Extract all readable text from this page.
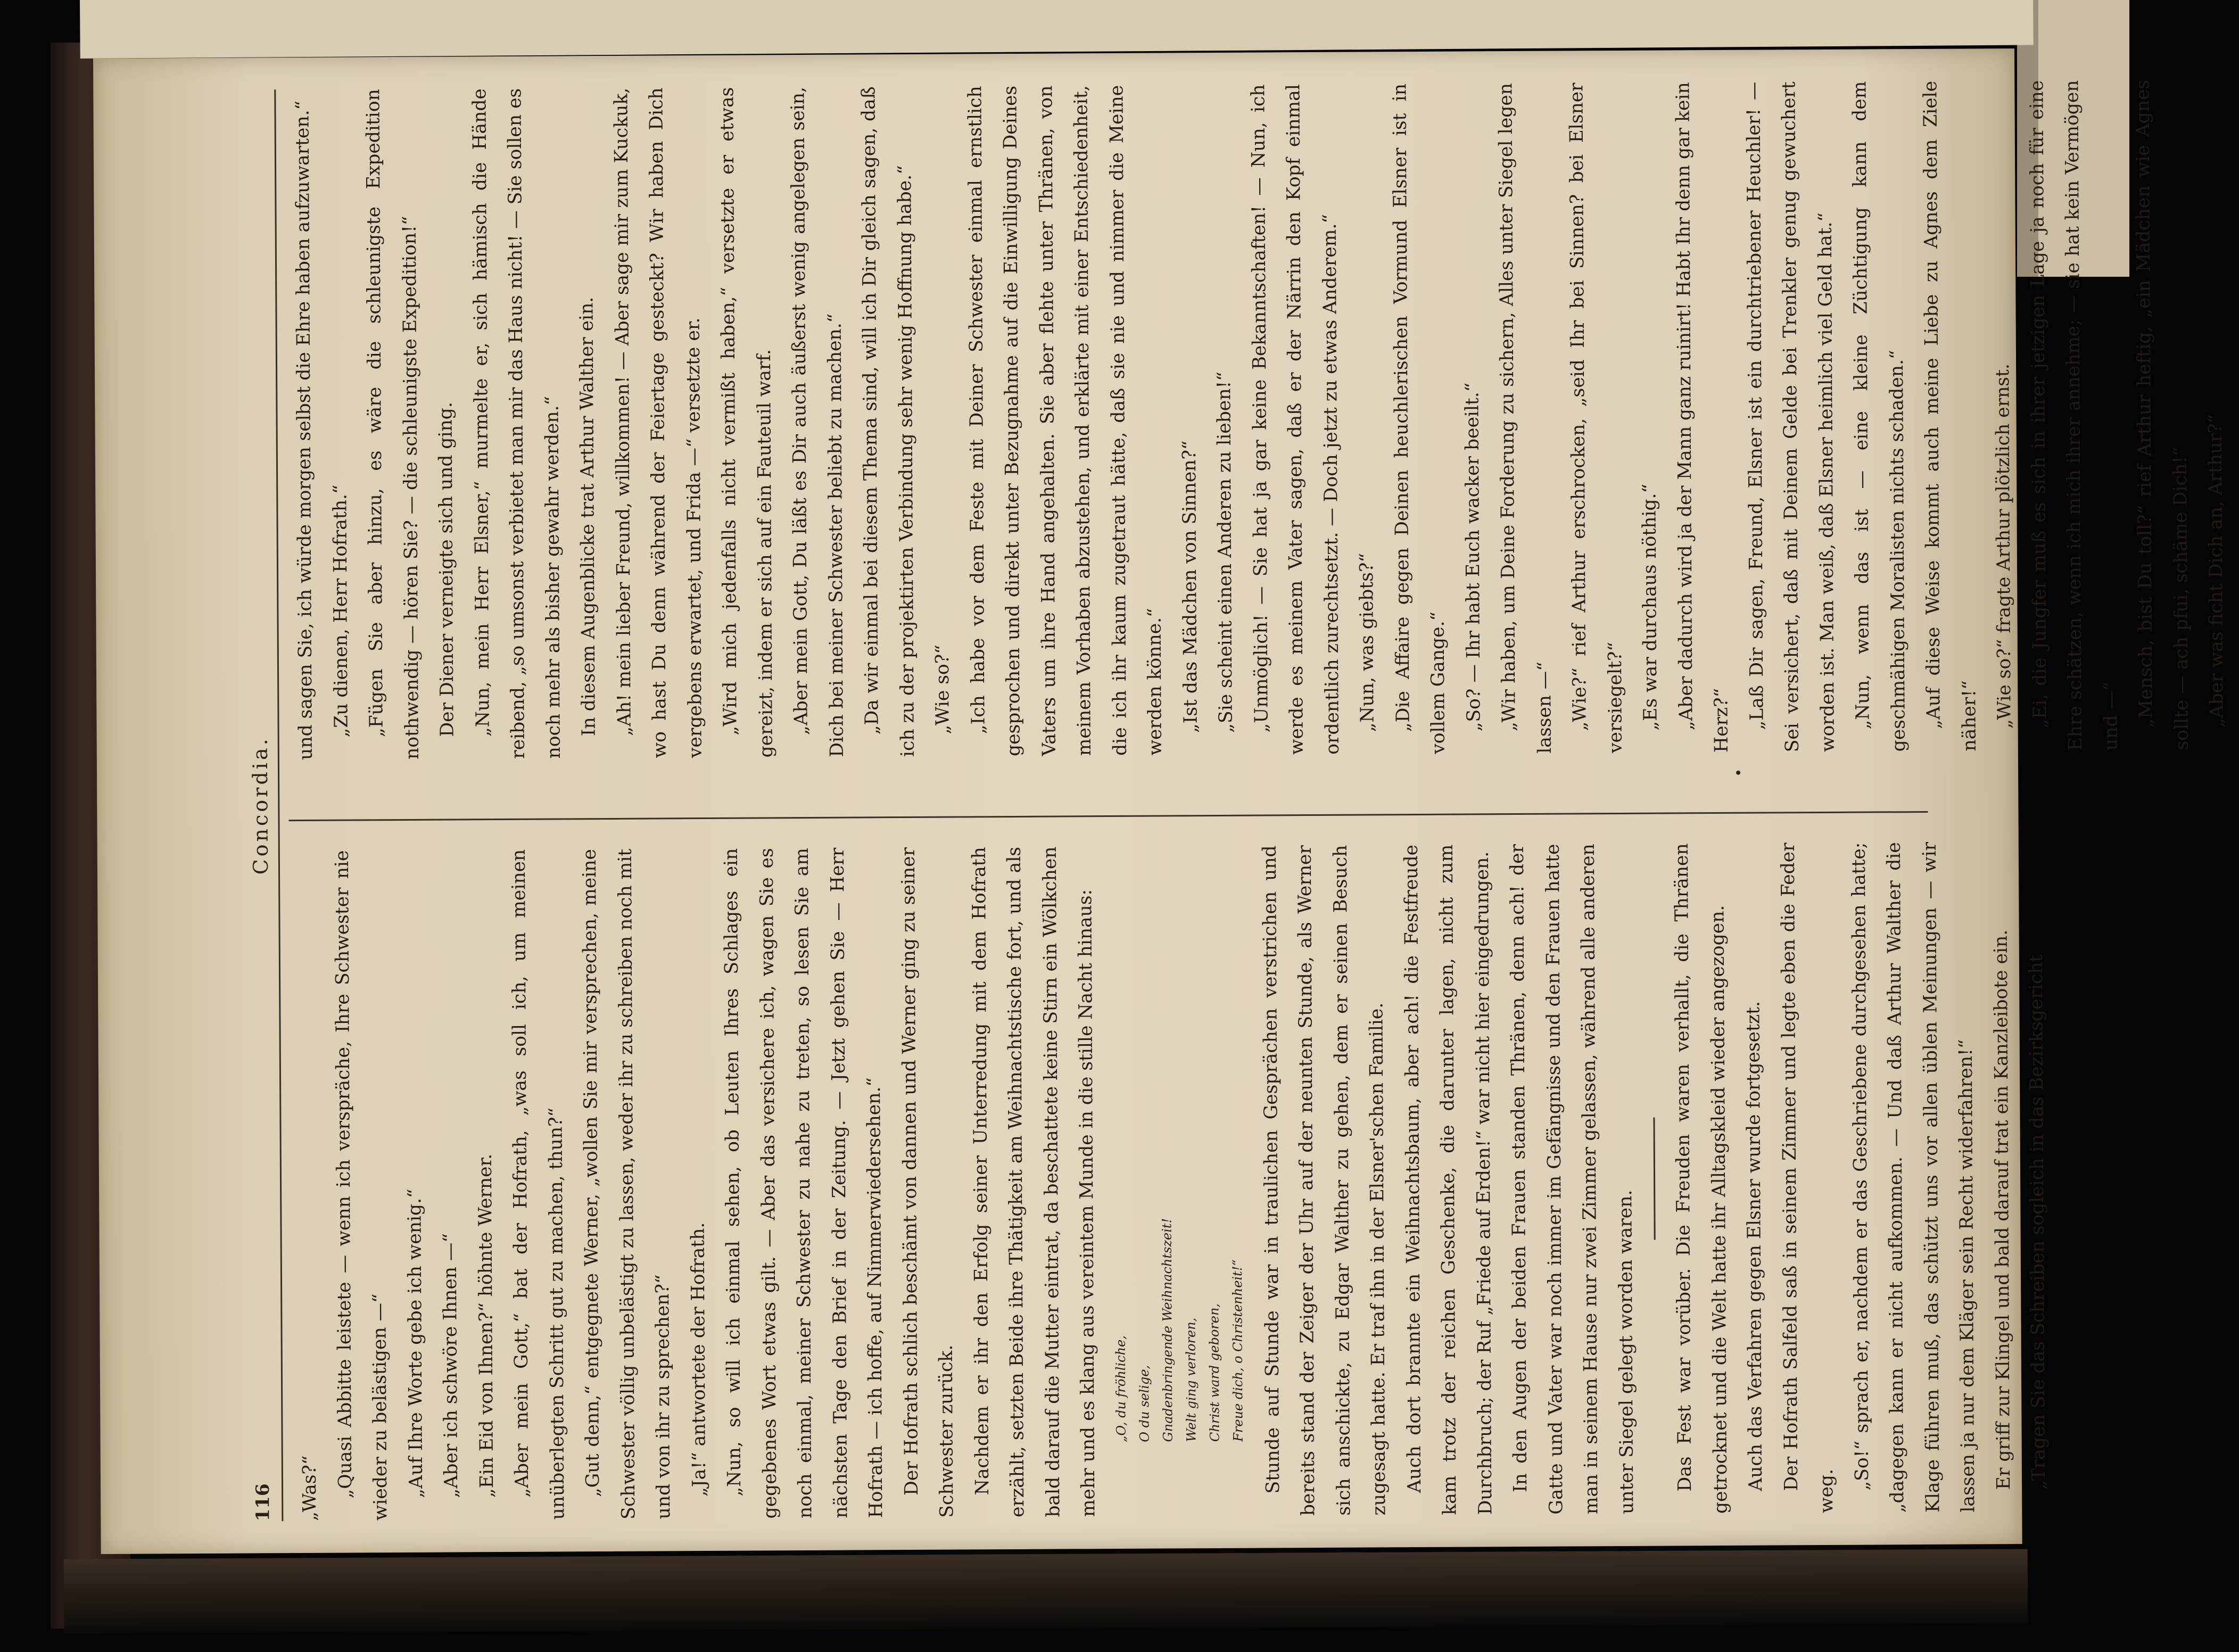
116
Concordia.

„Was?“ „Quasi Abbitte leistete — wenn ich verspräche, Ihre Schwester nie wieder zu belästigen —“ „Auf Ihre Worte gebe ich wenig.“ „Aber ich schwöre Ihnen —“ „Ein Eid von Ihnen?“ höhnte Werner. „Aber mein Gott,“ bat der Hofrath, „was soll ich, um meinen unüberlegten Schritt gut zu machen, thun?“ „Gut denn,“ entgegnete Werner, „wollen Sie mir versprechen, meine Schwester völlig unbelästigt zu lassen, weder ihr zu schreiben noch mit und von ihr zu sprechen?“ „Ja!“ antwortete der Hofrath. „Nun, so will ich einmal sehen, ob Leuten Ihres Schlages ein gegebenes Wort etwas gilt. — Aber das versichere ich, wagen Sie es noch einmal, meiner Schwester zu nahe zu treten, so lesen Sie am nächsten Tage den Brief in der Zeitung. — Jetzt gehen Sie — Herr Hofrath — ich hoffe, auf Nimmerwiedersehen.“ Der Hofrath schlich beschämt von dannen und Werner ging zu seiner Schwester zurück. Nachdem er ihr den Erfolg seiner Unterredung mit dem Hofrath erzählt, setzten Beide ihre Thätigkeit am Weihnachtstische fort, und als bald darauf die Mutter eintrat, da beschattete keine Stirn ein Wölkchen mehr und es klang aus vereintem Munde in die stille Nacht hinaus:	„O, du fröhliche, O du selige, Gnadenbringende Weihnachtszeit! Welt ging verloren, Christ ward geboren, Freue dich, o Christenheit!“ Stunde auf Stunde war in traulichen Gesprächen verstrichen und bereits stand der Zeiger der Uhr auf der neunten Stunde, als Werner sich anschickte, zu Edgar Walther zu gehen, dem er seinen Besuch zugesagt hatte. Er traf ihn in der Elsner'schen Familie. Auch dort brannte ein Weihnachtsbaum, aber ach! die Festfreude kam trotz der reichen Geschenke, die darunter lagen, nicht zum Durchbruch; der Ruf „Friede auf Erden!“ war nicht hier eingedrungen. In den Augen der beiden Frauen standen Thränen, denn ach! der Gatte und Vater war noch immer im Gefängnisse und den Frauen hatte man in seinem Hause nur zwei Zimmer gelassen, während alle anderen unter Siegel gelegt worden waren.	Das Fest war vorüber. Die Freuden waren verhallt, die Thränen getrocknet und die Welt hatte ihr Alltagskleid wieder angezogen. Auch das Verfahren gegen Elsner wurde fortgesetzt. Der Hofrath Salfeld saß in seinem Zimmer und legte eben die Feder weg.

„So!“ sprach er, nachdem er das Geschriebene durchgesehen hatte; „dagegen kann er nicht aufkommen. — Und daß Arthur Walther die Klage führen muß, das schützt uns vor allen üblen Meinungen — wir lassen ja nur dem Kläger sein Recht widerfahren!“ Er griff zur Klingel und bald darauf trat ein Kanzleibote ein. „Tragen Sie das Schreiben sogleich in das Bezirksgericht

und sagen Sie, ich würde morgen selbst die Ehre haben aufzuwarten.“ „Zu dienen, Herr Hofrath.“ „Fügen Sie aber hinzu, es wäre die schleunigste Expedition nothwendig — hören Sie? — die schleunigste Expedition!“ Der Diener verneigte sich und ging. „Nun, mein Herr Elsner,“ murmelte er, sich hämisch die Hände reibend, „so umsonst verbietet man mir das Haus nicht! — Sie sollen es noch mehr als bisher gewahr werden.“ In diesem Augenblicke trat Arthur Walther ein. „Ah! mein lieber Freund, willkommen! — Aber sage mir zum Kuckuk, wo hast Du denn während der Feiertage gesteckt? Wir haben Dich vergebens erwartet, und Frida —“ versetzte er. „Wird mich jedenfalls nicht vermißt haben,“ versetzte er etwas gereizt, indem er sich auf ein Fauteuil warf. „Aber mein Gott, Du läßt es Dir auch äußerst wenig angelegen sein, Dich bei meiner Schwester beliebt zu machen.“ „Da wir einmal bei diesem Thema sind, will ich Dir gleich sagen, daß ich zu der projektirten Verbindung sehr wenig Hoffnung habe.“ „Wie so?“ „Ich habe vor dem Feste mit Deiner Schwester einmal ernstlich gesprochen und direkt unter Bezugnahme auf die Einwilligung Deines Vaters um ihre Hand angehalten. Sie aber flehte unter Thränen, von meinem Vorhaben abzustehen, und erklärte mit einer Entschiedenheit, die ich ihr kaum zugetraut hätte, daß sie nie und nimmer die Meine werden könne.“ „Ist das Mädchen von Sinnen?“ „Sie scheint einen Anderen zu lieben!“ „Unmöglich! — Sie hat ja gar keine Bekanntschaften! — Nun, ich werde es meinem Vater sagen, daß er der Närrin den Kopf einmal ordentlich zurechtsetzt. — Doch jetzt zu etwas Anderem.“ „Nun, was giebts?“ „Die Affaire gegen Deinen heuchlerischen Vormund Elsner ist in vollem Gange.“ „So? — Ihr habt Euch wacker beeilt.“ „Wir haben, um Deine Forderung zu sichern, Alles unter Siegel legen lassen —“ „Wie?“ rief Arthur erschrocken, „seid Ihr bei Sinnen? bei Elsner versiegelt?“ „Es war durchaus nöthig.“ „Aber dadurch wird ja der Mann ganz ruinirt! Habt Ihr denn gar kein Herz?“ „Laß Dir sagen, Freund, Elsner ist ein durchtriebener Heuchler! — Sei versichert, daß mit Deinem Gelde bei Trenkler genug gewuchert worden ist. Man weiß, daß Elsner heimlich viel Geld hat.“ „Nun, wenn das ist — eine kleine Züchtigung kann dem geschmähigen Moralisten nichts schaden.“ „Auf diese Weise kommt auch meine Liebe zu Agnes dem Ziele näher!“ „Wie so?“ fragte Arthur plötzlich ernst. „Ei, die Jungfer muß es sich in ihrer jetzigen Lage ja noch für eine Ehre schätzen, wenn ich mich ihrer annehme; — sie hat kein Vermögen und —“ „Mensch, bist Du toll?“ rief Arthur heftig, „ein Mädchen wie Agnes sollte — ach pfui, schäme Dich!“ „Aber was ficht Dich an, Arthur?“
